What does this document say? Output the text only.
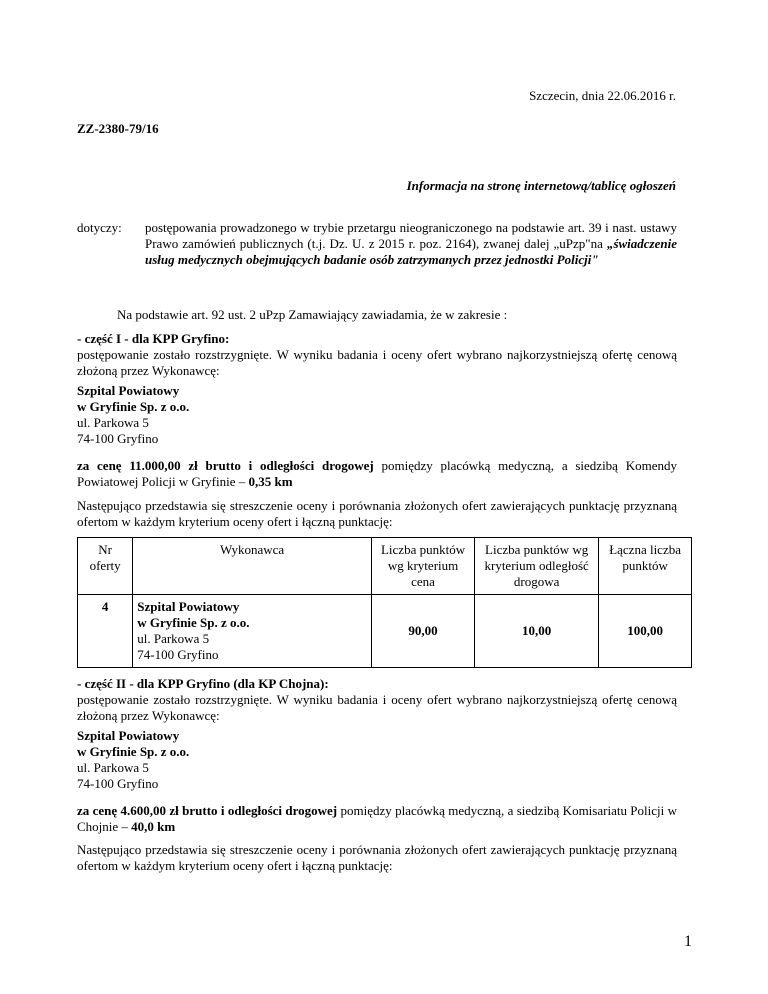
Szczecin, dnia 22.06.2016 r.
ZZ-2380-79/16
Informacja na stronę internetową/tablicę ogłoszeń
dotyczy: postępowania prowadzonego w trybie przetargu nieograniczonego na podstawie art. 39 i nast. ustawy Prawo zamówień publicznych (t.j. Dz. U. z 2015 r. poz. 2164), zwanej dalej „uPzp"na „świadczenie usług medycznych obejmujących badanie osób zatrzymanych przez jednostki Policji"
Na podstawie art. 92 ust. 2 uPzp Zamawiający zawiadamia, że w zakresie :
- część I - dla KPP Gryfino:
postępowanie zostało rozstrzygnięte. W wyniku badania i oceny ofert wybrano najkorzystniejszą ofertę cenową złożoną przez Wykonawcę:
Szpital Powiatowy
w Gryfinie Sp. z o.o.
ul. Parkowa 5
74-100 Gryfino
za cenę 11.000,00 zł brutto i odległości drogowej pomiędzy placówką medyczną, a siedzibą Komendy Powiatowej Policji w Gryfinie – 0,35 km
Następująco przedstawia się streszczenie oceny i porównania złożonych ofert zawierających punktację przyznaną ofertom w każdym kryterium oceny ofert i łączną punktację:
Nr oferty	Wykonawca	Liczba punktów wg kryterium cena	Liczba punktów wg kryterium odległość drogowa	Łączna liczba punktów
4	Szpital Powiatowy
w Gryfinie Sp. z o.o.
ul. Parkowa 5
74-100 Gryfino	90,00	10,00	100,00
- część II - dla KPP Gryfino (dla KP Chojna):
postępowanie zostało rozstrzygnięte. W wyniku badania i oceny ofert wybrano najkorzystniejszą ofertę cenową złożoną przez Wykonawcę:
Szpital Powiatowy
w Gryfinie Sp. z o.o.
ul. Parkowa 5
74-100 Gryfino
za cenę 4.600,00 zł brutto i odległości drogowej pomiędzy placówką medyczną, a siedzibą Komisariatu Policji w Chojnie – 40,0 km
Następująco przedstawia się streszczenie oceny i porównania złożonych ofert zawierających punktację przyznaną ofertom w każdym kryterium oceny ofert i łączną punktację:
1
